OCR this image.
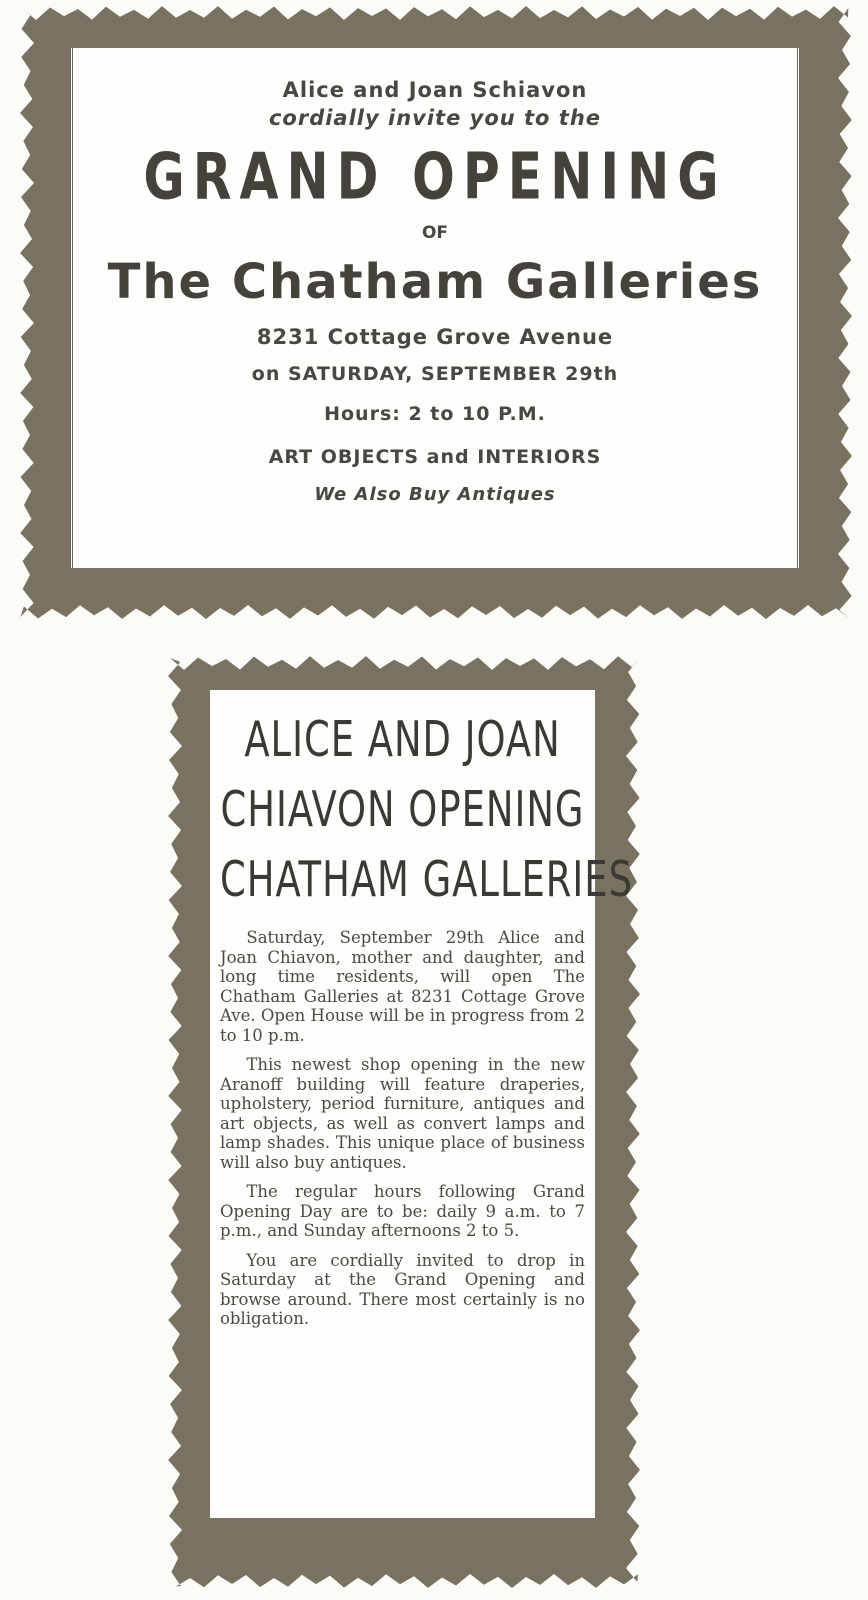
Alice and Joan Schiavon
cordially invite you to the
GRAND OPENING
OF
The Chatham Galleries
8231 Cottage Grove Avenue
on SATURDAY, SEPTEMBER 29th
Hours: 2 to 10 P.M.
ART OBJECTS and INTERIORS
We Also Buy Antiques
ALICE AND JOAN
CHIAVON OPENING
CHATHAM GALLERIES

Saturday, September 29th Alice and Joan Chiavon, mother and daughter, and long time residents, will open The Chatham Galleries at 8231 Cottage Grove Ave. Open House will be in progress from 2 to 10 p.m.

This newest shop opening in the new Aranoff building will feature draperies, upholstery, period furniture, antiques and art objects, as well as convert lamps and lamp shades. This unique place of business will also buy antiques.

The regular hours following Grand Opening Day are to be: daily 9 a.m. to 7 p.m., and Sunday afternoons 2 to 5.

You are cordially invited to drop in Saturday at the Grand Opening and browse around. There most certainly is no obligation.
